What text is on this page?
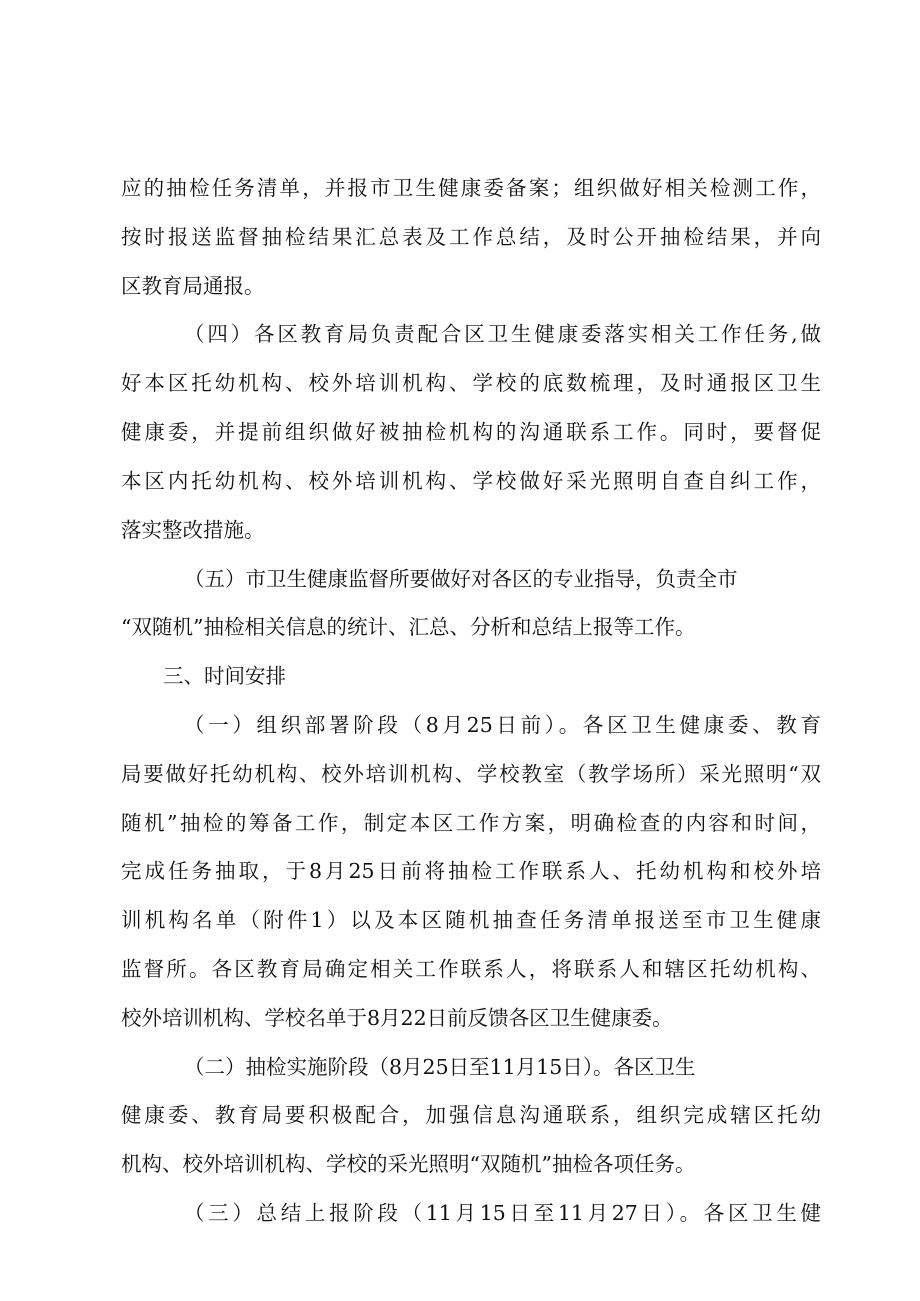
应的抽检任务清单，并报市卫生健康委备案；组织做好相关检测工作，
按时报送监督抽检结果汇总表及工作总结，及时公开抽检结果，并向
区教育局通报。
（四）各区教育局负责配合区卫生健康委落实相关工作任务,做
好本区托幼机构、校外培训机构、学校的底数梳理，及时通报区卫生
健康委，并提前组织做好被抽检机构的沟通联系工作。同时，要督促
本区内托幼机构、校外培训机构、学校做好采光照明自查自纠工作，
落实整改措施。
（五）市卫生健康监督所要做好对各区的专业指导，负责全市
“双随机”抽检相关信息的统计、汇总、分析和总结上报等工作。
三、时间安排
（一）组织部署阶段（8月25日前）。各区卫生健康委、教育
局要做好托幼机构、校外培训机构、学校教室（教学场所）采光照明“双
随机”抽检的筹备工作，制定本区工作方案，明确检查的内容和时间，
完成任务抽取，于8月25日前将抽检工作联系人、托幼机构和校外培
训机构名单（附件1）以及本区随机抽查任务清单报送至市卫生健康
监督所。各区教育局确定相关工作联系人，将联系人和辖区托幼机构、
校外培训机构、学校名单于8月22日前反馈各区卫生健康委。
（二）抽检实施阶段（8月25日至11月15日）。各区卫生
健康委、教育局要积极配合，加强信息沟通联系，组织完成辖区托幼
机构、校外培训机构、学校的采光照明“双随机”抽检各项任务。
（三）总结上报阶段（11月15日至11月27日）。各区卫生健
